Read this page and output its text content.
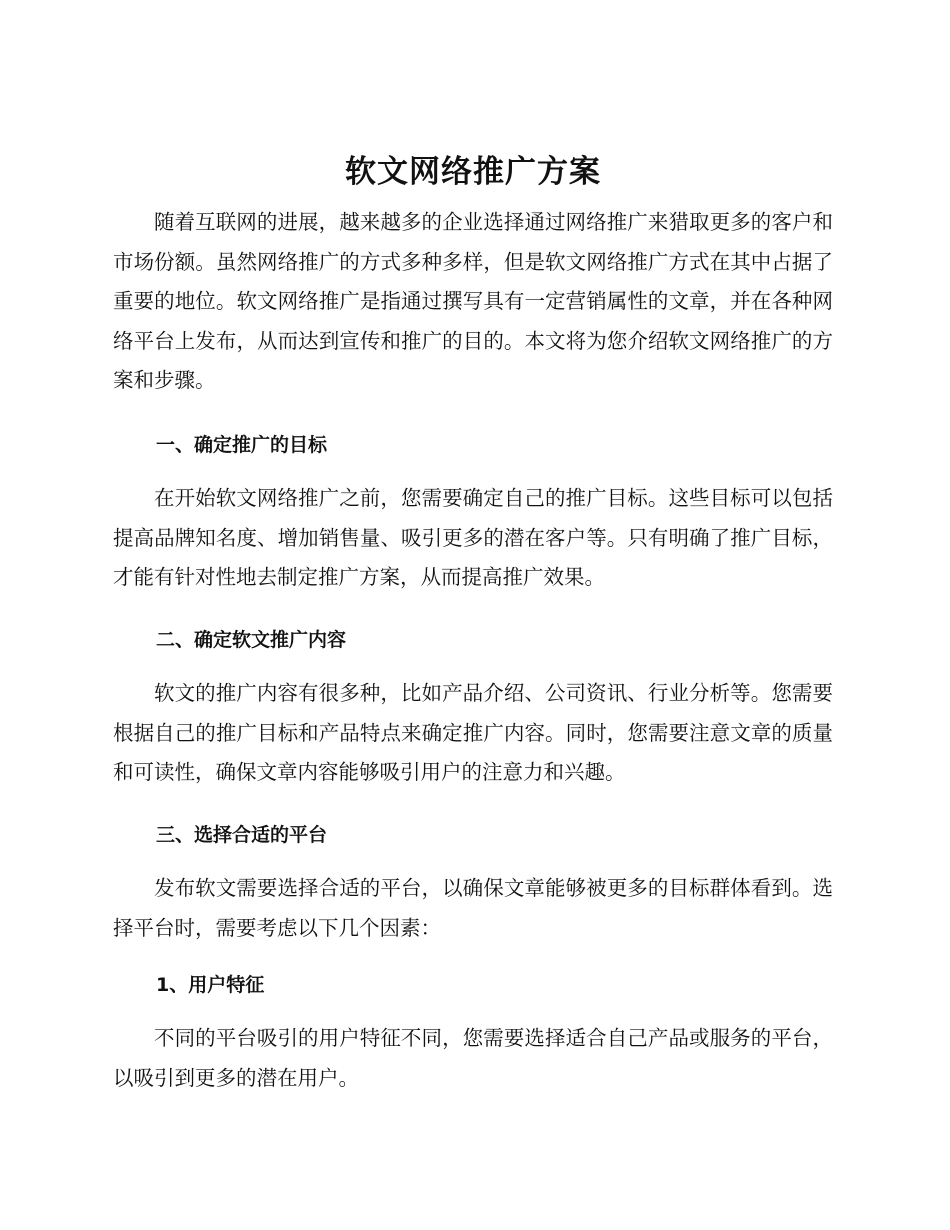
软文网络推广方案

随着互联网的进展，越来越多的企业选择通过网络推广来猎取更多的客户和市场份额。虽然网络推广的方式多种多样，但是软文网络推广方式在其中占据了重要的地位。软文网络推广是指通过撰写具有一定营销属性的文章，并在各种网络平台上发布，从而达到宣传和推广的目的。本文将为您介绍软文网络推广的方案和步骤。

一、确定推广的目标

在开始软文网络推广之前，您需要确定自己的推广目标。这些目标可以包括提高品牌知名度、增加销售量、吸引更多的潜在客户等。只有明确了推广目标，才能有针对性地去制定推广方案，从而提高推广效果。

二、确定软文推广内容

软文的推广内容有很多种，比如产品介绍、公司资讯、行业分析等。您需要根据自己的推广目标和产品特点来确定推广内容。同时，您需要注意文章的质量和可读性，确保文章内容能够吸引用户的注意力和兴趣。

三、选择合适的平台

发布软文需要选择合适的平台，以确保文章能够被更多的目标群体看到。选择平台时，需要考虑以下几个因素：

1、用户特征

不同的平台吸引的用户特征不同，您需要选择适合自己产品或服务的平台，以吸引到更多的潜在用户。
